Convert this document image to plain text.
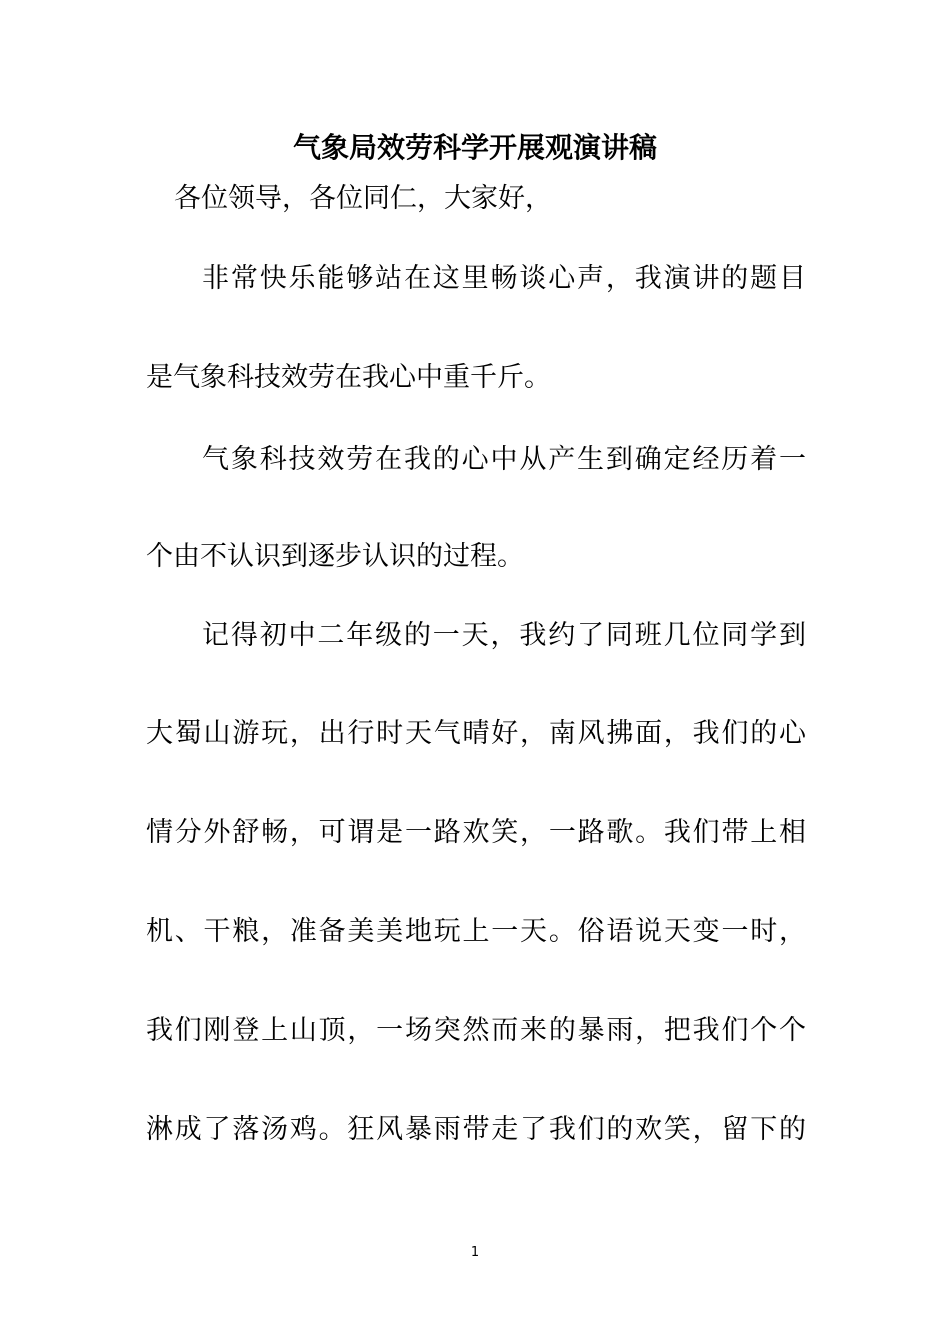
气象局效劳科学开展观演讲稿

各位领导，各位同仁，大家好，

非常快乐能够站在这里畅谈心声，我演讲的题目

是气象科技效劳在我心中重千斤。

气象科技效劳在我的心中从产生到确定经历着一

个由不认识到逐步认识的过程。

记得初中二年级的一天，我约了同班几位同学到

大蜀山游玩，出行时天气晴好，南风拂面，我们的心

情分外舒畅，可谓是一路欢笑，一路歌。我们带上相

机、干粮，准备美美地玩上一天。俗语说天变一时，

我们刚登上山顶，一场突然而来的暴雨，把我们个个

淋成了落汤鸡。狂风暴雨带走了我们的欢笑，留下的

1
